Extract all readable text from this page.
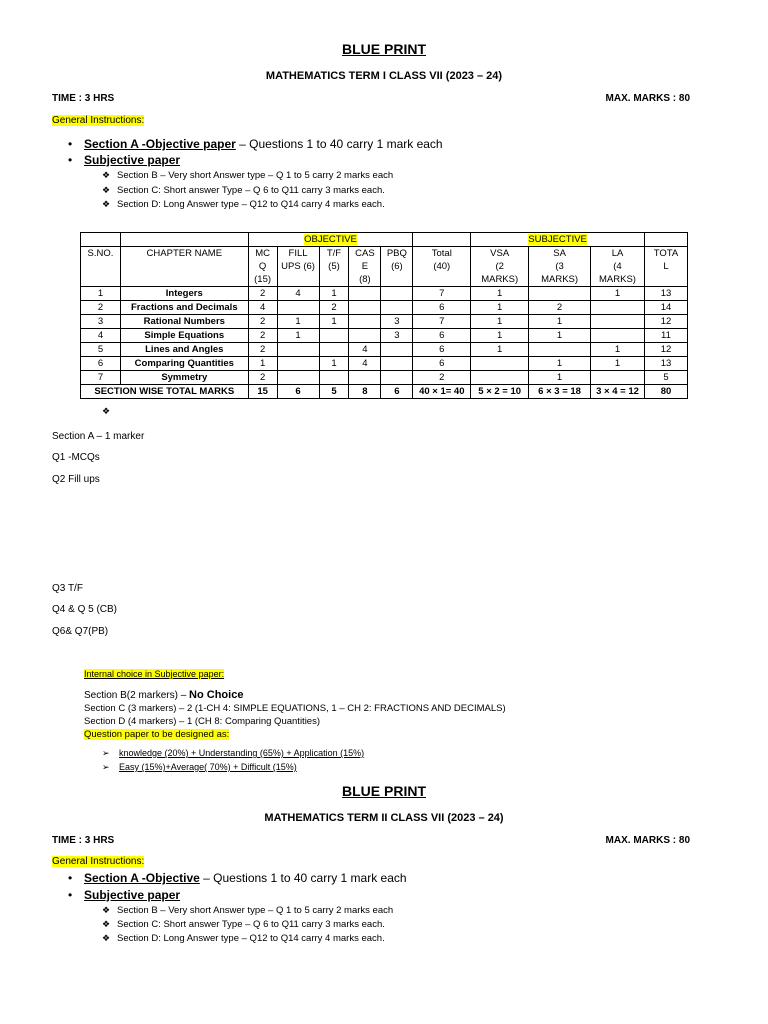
BLUE PRINT
MATHEMATICS TERM I CLASS VII (2023 – 24)
TIME : 3 HRS	MAX. MARKS : 80
General Instructions:
• Section A -Objective paper – Questions 1 to 40 carry 1 mark each
• Subjective paper
❖ Section B – Very short Answer type – Q 1 to 5 carry 2 marks each
❖ Section C: Short answer Type – Q 6 to Q11 carry 3 marks each.
❖ Section D: Long Answer type – Q12 to Q14 carry 4 marks each.
		OBJECTIVE						SUBJECTIVE			
S.NO.	CHAPTER NAME	MC
Q
(15)	FILL
UPS (6)	T/F
(5)	CAS
E
(8)	PBQ
(6)	Total
(40)	VSA
(2
MARKS)	SA
(3
MARKS)	LA
(4
MARKS)	TOTA
L
1	Integers	2	4	1			7	1		1	13
2	Fractions and Decimals	4		2			6	1	2		14
3	Rational Numbers	2	1	1		3	7	1	1		12
4	Simple Equations	2	1			3	6	1	1		11
5	Lines and Angles	2			4		6	1		1	12
6	Comparing Quantities	1		1	4		6		1	1	13
7	Symmetry	2					2		1		5
SECTION WISE TOTAL MARKS		15	6	5	8	6	40 × 1= 40	5 × 2 = 10	6 × 3 = 18	3 × 4 = 12	80
❖
Section A – 1 marker
Q1 -MCQs
Q2 Fill ups
Q3 T/F
Q4 & Q 5 (CB)
Q6& Q7(PB)
Internal choice in Subjective paper:
Section B(2 markers) – No Choice
Section C (3 markers) – 2 (1-CH 4: SIMPLE EQUATIONS, 1 – CH 2: FRACTIONS AND DECIMALS)
Section D (4 markers) – 1 (CH 8: Comparing Quantities)
Question paper to be designed as:
➢ knowledge (20%) + Understanding (65%) + Application (15%)
➢ Easy (15%)+Average( 70%) + Difficult (15%)
BLUE PRINT
MATHEMATICS TERM II CLASS VII (2023 – 24)
TIME : 3 HRS	MAX. MARKS : 80
General Instructions:
• Section A -Objective – Questions 1 to 40 carry 1 mark each
• Subjective paper
❖ Section B – Very short Answer type – Q 1 to 5 carry 2 marks each
❖ Section C: Short answer Type – Q 6 to Q11 carry 3 marks each.
❖ Section D: Long Answer type – Q12 to Q14 carry 4 marks each.
